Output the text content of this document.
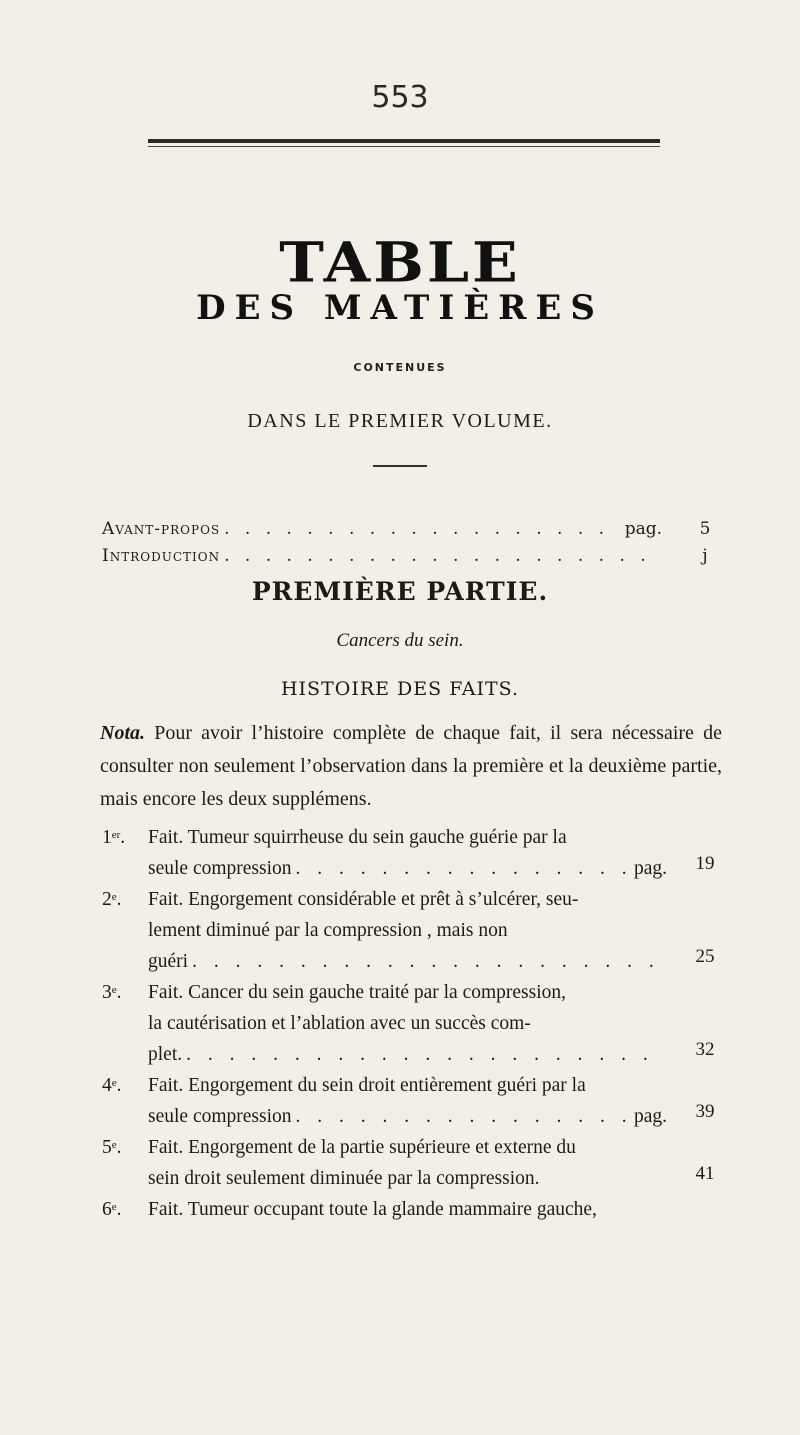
553
TABLE
DES MATIÈRES
CONTENUES
DANS LE PREMIER VOLUME.
Avant-propos . . .	pag.	5
Introduction . . .	j
PREMIÈRE PARTIE.
Cancers du sein.
HISTOIRE DES FAITS.
Nota. Pour avoir l’histoire complète de chaque fait, il sera nécessaire de consulter non seulement l’observation dans la première et la deuxième partie, mais encore les deux supplémens.
1er.	Fait. Tumeur squirrheuse du sein gauche guérie par la
seule compression . . .	pag. 19
2e.	Fait. Engorgement considérable et prêt à s’ulcérer, seu-
lement diminué par la compression , mais non
guéri . . .	25
3e.	Fait. Cancer du sein gauche traité par la compression,
la cautérisation et l’ablation avec un succès com-
plet. . . .	32
4e.	Fait. Engorgement du sein droit entièrement guéri par la
seule compression . . .	pag. 39
5e.	Fait. Engorgement de la partie supérieure et externe du
sein droit seulement diminuée par la compression.	41
6e.	Fait. Tumeur occupant toute la glande mammaire gauche,
